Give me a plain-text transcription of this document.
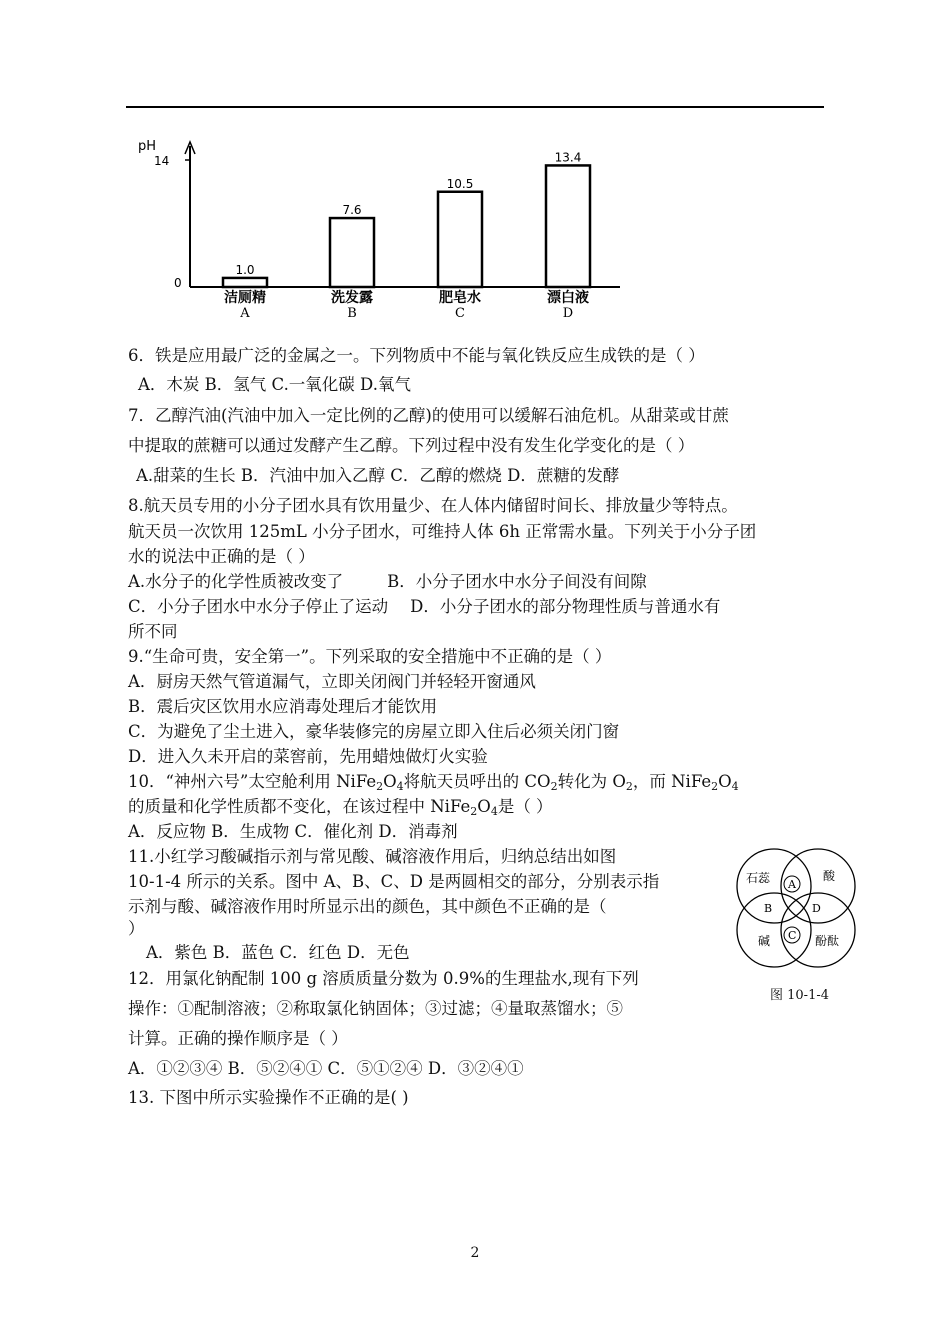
pH
14
0
1.0
洁厕精
A
7.6
洗发露
B
10.5
肥皂水
C
13.4
漂白液
D
6．铁是应用最广泛的金属之一。下列物质中不能与氧化铁反应生成铁的是（ ）
A．木炭 B．氢气 C.一氧化碳 D.氧气
7．乙醇汽油(汽油中加入一定比例的乙醇)的使用可以缓解石油危机。从甜菜或甘蔗
中提取的蔗糖可以通过发酵产生乙醇。下列过程中没有发生化学变化的是（ ）
A.甜菜的生长 B．汽油中加入乙醇 C．乙醇的燃烧 D．蔗糖的发酵
8.航天员专用的小分子团水具有饮用量少、在人体内储留时间长、排放量少等特点。
航天员一次饮用 125mL 小分子团水，可维持人体 6h 正常需水量。下列关于小分子团
水的说法中正确的是（ ）
A.水分子的化学性质被改变了	B．小分子团水中水分子间没有间隙
C．小分子团水中水分子停止了运动 D．小分子团水的部分物理性质与普通水有
所不同
9.“生命可贵，安全第一”。下列采取的安全措施中不正确的是（ ）
A．厨房天然气管道漏气，立即关闭阀门并轻轻开窗通风
B．震后灾区饮用水应消毒处理后才能饮用
C．为避免了尘土进入，豪华装修完的房屋立即入住后必须关闭门窗
D．进入久未开启的菜窖前，先用蜡烛做灯火实验
10．“神州六号”太空舱利用 $NiFe_2O_4$将航天员呼出的 $CO_2$转化为 $O_2$，而 $NiFe_2O_4$
的质量和化学性质都不变化，在该过程中 $NiFe_2O_4$是（ ）
A．反应物 B．生成物 C．催化剂 D．消毒剂
11.小红学习酸碱指示剂与常见酸、碱溶液作用后，归纳总结出如图
10-1-4 所示的关系。图中 A、B、C、D 是两圆相交的部分，分别表示指
示剂与酸、碱溶液作用时所显示出的颜色，其中颜色不正确的是（
）
A．紫色 B．蓝色 C．红色 D．无色
石蕊	酸
碱	酚酞
A
B
C
D
图 10-1-4
12．用氯化钠配制 100 g 溶质质量分数为 0.9%的生理盐水,现有下列
操作：①配制溶液；②称取氯化钠固体；③过滤；④量取蒸馏水；⑤
计算。正确的操作顺序是（ ）
A．①②③④ B．⑤②④① C．⑤①②④ D．③②④①
13. 下图中所示实验操作不正确的是( )
2
